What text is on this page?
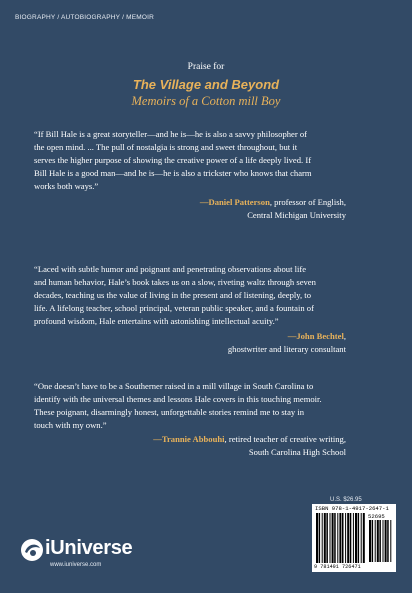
BIOGRAPHY / AUTOBIOGRAPHY / MEMOIR
Praise for
The Village and Beyond
Memoirs of a Cotton mill Boy
“If Bill Hale is a great storyteller—and he is—he is also a savvy philosopher of
the open mind. ... The pull of nostalgia is strong and sweet throughout, but it
serves the higher purpose of showing the creative power of a life deeply lived. If
Bill Hale is a good man—and he is—he is also a trickster who knows that charm
works both ways.”
—Daniel Patterson, professor of English,
Central Michigan University
“Laced with subtle humor and poignant and penetrating observations about life
and human behavior, Hale’s book takes us on a slow, riveting waltz through seven
decades, teaching us the value of living in the present and of listening, deeply, to
life. A lifelong teacher, school principal, veteran public speaker, and a fountain of
profound wisdom, Hale entertains with astonishing intellectual acuity.”
—John Bechtel,
ghostwriter and literary consultant
“One doesn’t have to be a Southerner raised in a mill village in South Carolina to
identify with the universal themes and lessons Hale covers in this touching memoir.
These poignant, disarmingly honest, unforgettable stories remind me to stay in
touch with my own.”
—Trannie Abbouhi, retired teacher of creative writing,
South Carolina High School
U.S. $26.95
ISBN 978-1-4917-2647-1
52695
9 781491 726471
iUniverse
www.iuniverse.com
